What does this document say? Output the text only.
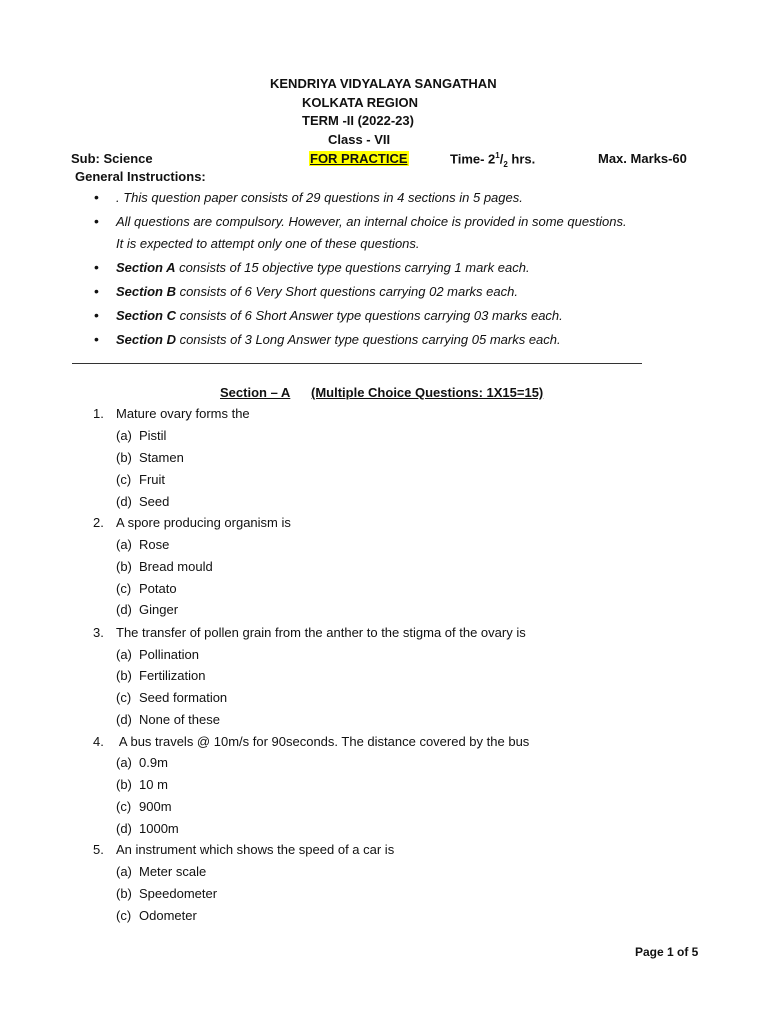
KENDRIYA VIDYALAYA SANGATHAN
KOLKATA REGION
TERM -II (2022-23)
Class - VII
Sub: Science	FOR PRACTICE	Time- $2^1/_2$ hrs.	Max. Marks-60
General Instructions:
• . This question paper consists of 29 questions in 4 sections in 5 pages.
• All questions are compulsory. However, an internal choice is provided in some questions.
It is expected to attempt only one of these questions.
• Section A consists of 15 objective type questions carrying 1 mark each.
• Section B consists of 6 Very Short questions carrying 02 marks each.
• Section C consists of 6 Short Answer type questions carrying 03 marks each.
• Section D consists of 3 Long Answer type questions carrying 05 marks each.
Section – A (Multiple Choice Questions: 1X15=15)
1. Mature ovary forms the
(a) Pistil
(b) Stamen
(c) Fruit
(d) Seed
2. A spore producing organism is
(a) Rose
(b) Bread mould
(c) Potato
(d) Ginger
3. The transfer of pollen grain from the anther to the stigma of the ovary is
(a) Pollination
(b) Fertilization
(c) Seed formation
(d) None of these
4. A bus travels @ 10m/s for 90seconds. The distance covered by the bus
(a) 0.9m
(b) 10 m
(c) 900m
(d) 1000m
5. An instrument which shows the speed of a car is
(a) Meter scale
(b) Speedometer
(c) Odometer
Page 1 of 5
